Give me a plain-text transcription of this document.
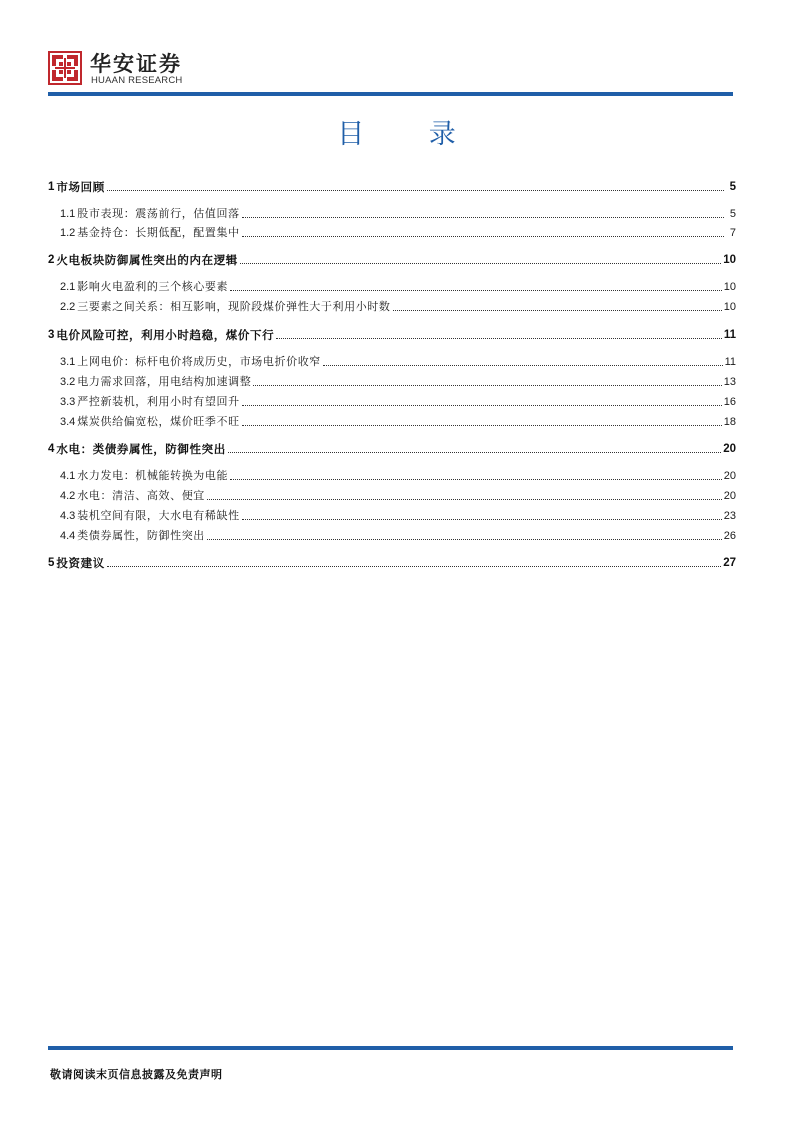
华安证券
HUAAN RESEARCH
目 录
1 市场回顾	5
1.1 股市表现：震荡前行，估值回落	5
1.2 基金持仓：长期低配，配置集中	7
2 火电板块防御属性突出的内在逻辑	10
2.1 影响火电盈利的三个核心要素	10
2.2 三要素之间关系：相互影响，现阶段煤价弹性大于利用小时数	10
3 电价风险可控，利用小时趋稳，煤价下行	11
3.1 上网电价：标杆电价将成历史，市场电折价收窄	11
3.2 电力需求回落，用电结构加速调整	13
3.3 严控新装机，利用小时有望回升	16
3.4 煤炭供给偏宽松，煤价旺季不旺	18
4 水电：类债券属性，防御性突出	20
4.1 水力发电：机械能转换为电能	20
4.2 水电：清洁、高效、便宜	20
4.3 装机空间有限，大水电有稀缺性	23
4.4 类债券属性，防御性突出	26
5 投资建议	27
敬请阅读末页信息披露及免责声明
